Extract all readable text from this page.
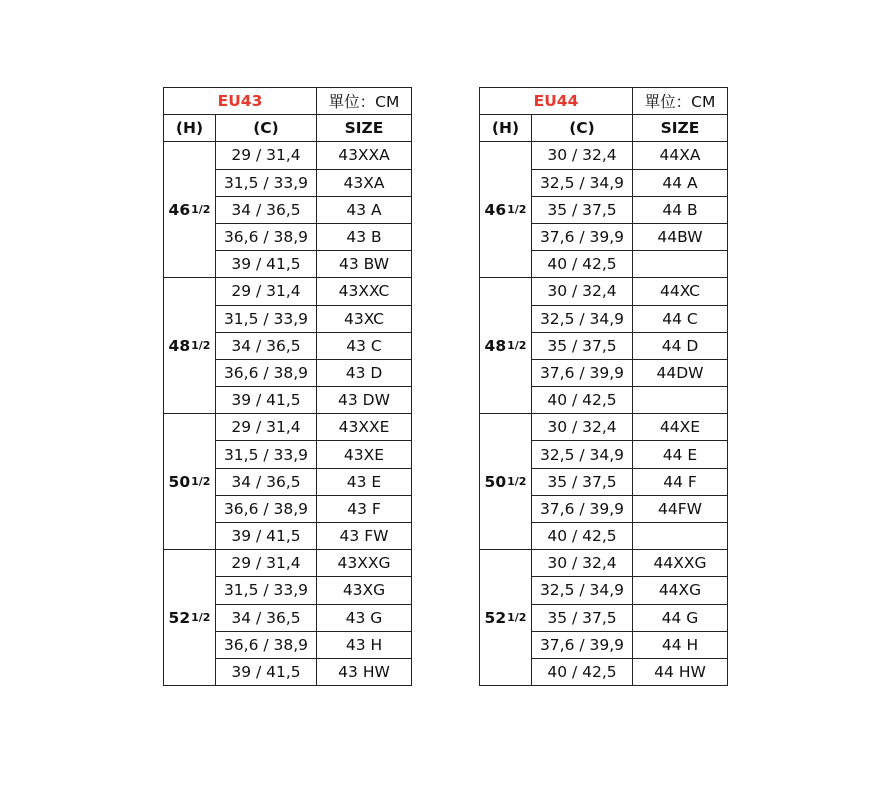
EU43		單位：CM
(H)	(C)	SIZE
461/2	29 / 31,4	43XXA
	31,5 / 33,9	43XA
	34 / 36,5	43 A
	36,6 / 38,9	43 B
	39 / 41,5	43 BW
481/2	29 / 31,4	43XXC
	31,5 / 33,9	43XC
	34 / 36,5	43 C
	36,6 / 38,9	43 D
	39 / 41,5	43 DW
501/2	29 / 31,4	43XXE
	31,5 / 33,9	43XE
	34 / 36,5	43 E
	36,6 / 38,9	43 F
	39 / 41,5	43 FW
521/2	29 / 31,4	43XXG
	31,5 / 33,9	43XG
	34 / 36,5	43 G
	36,6 / 38,9	43 H
	39 / 41,5	43 HW
EU44		單位：CM
(H)	(C)	SIZE
461/2	30 / 32,4	44XA
	32,5 / 34,9	44 A
	35 / 37,5	44 B
	37,6 / 39,9	44BW
	40 / 42,5	
481/2	30 / 32,4	44XC
	32,5 / 34,9	44 C
	35 / 37,5	44 D
	37,6 / 39,9	44DW
	40 / 42,5	
501/2	30 / 32,4	44XE
	32,5 / 34,9	44 E
	35 / 37,5	44 F
	37,6 / 39,9	44FW
	40 / 42,5	
521/2	30 / 32,4	44XXG
	32,5 / 34,9	44XG
	35 / 37,5	44 G
	37,6 / 39,9	44 H
	40 / 42,5	44 HW
